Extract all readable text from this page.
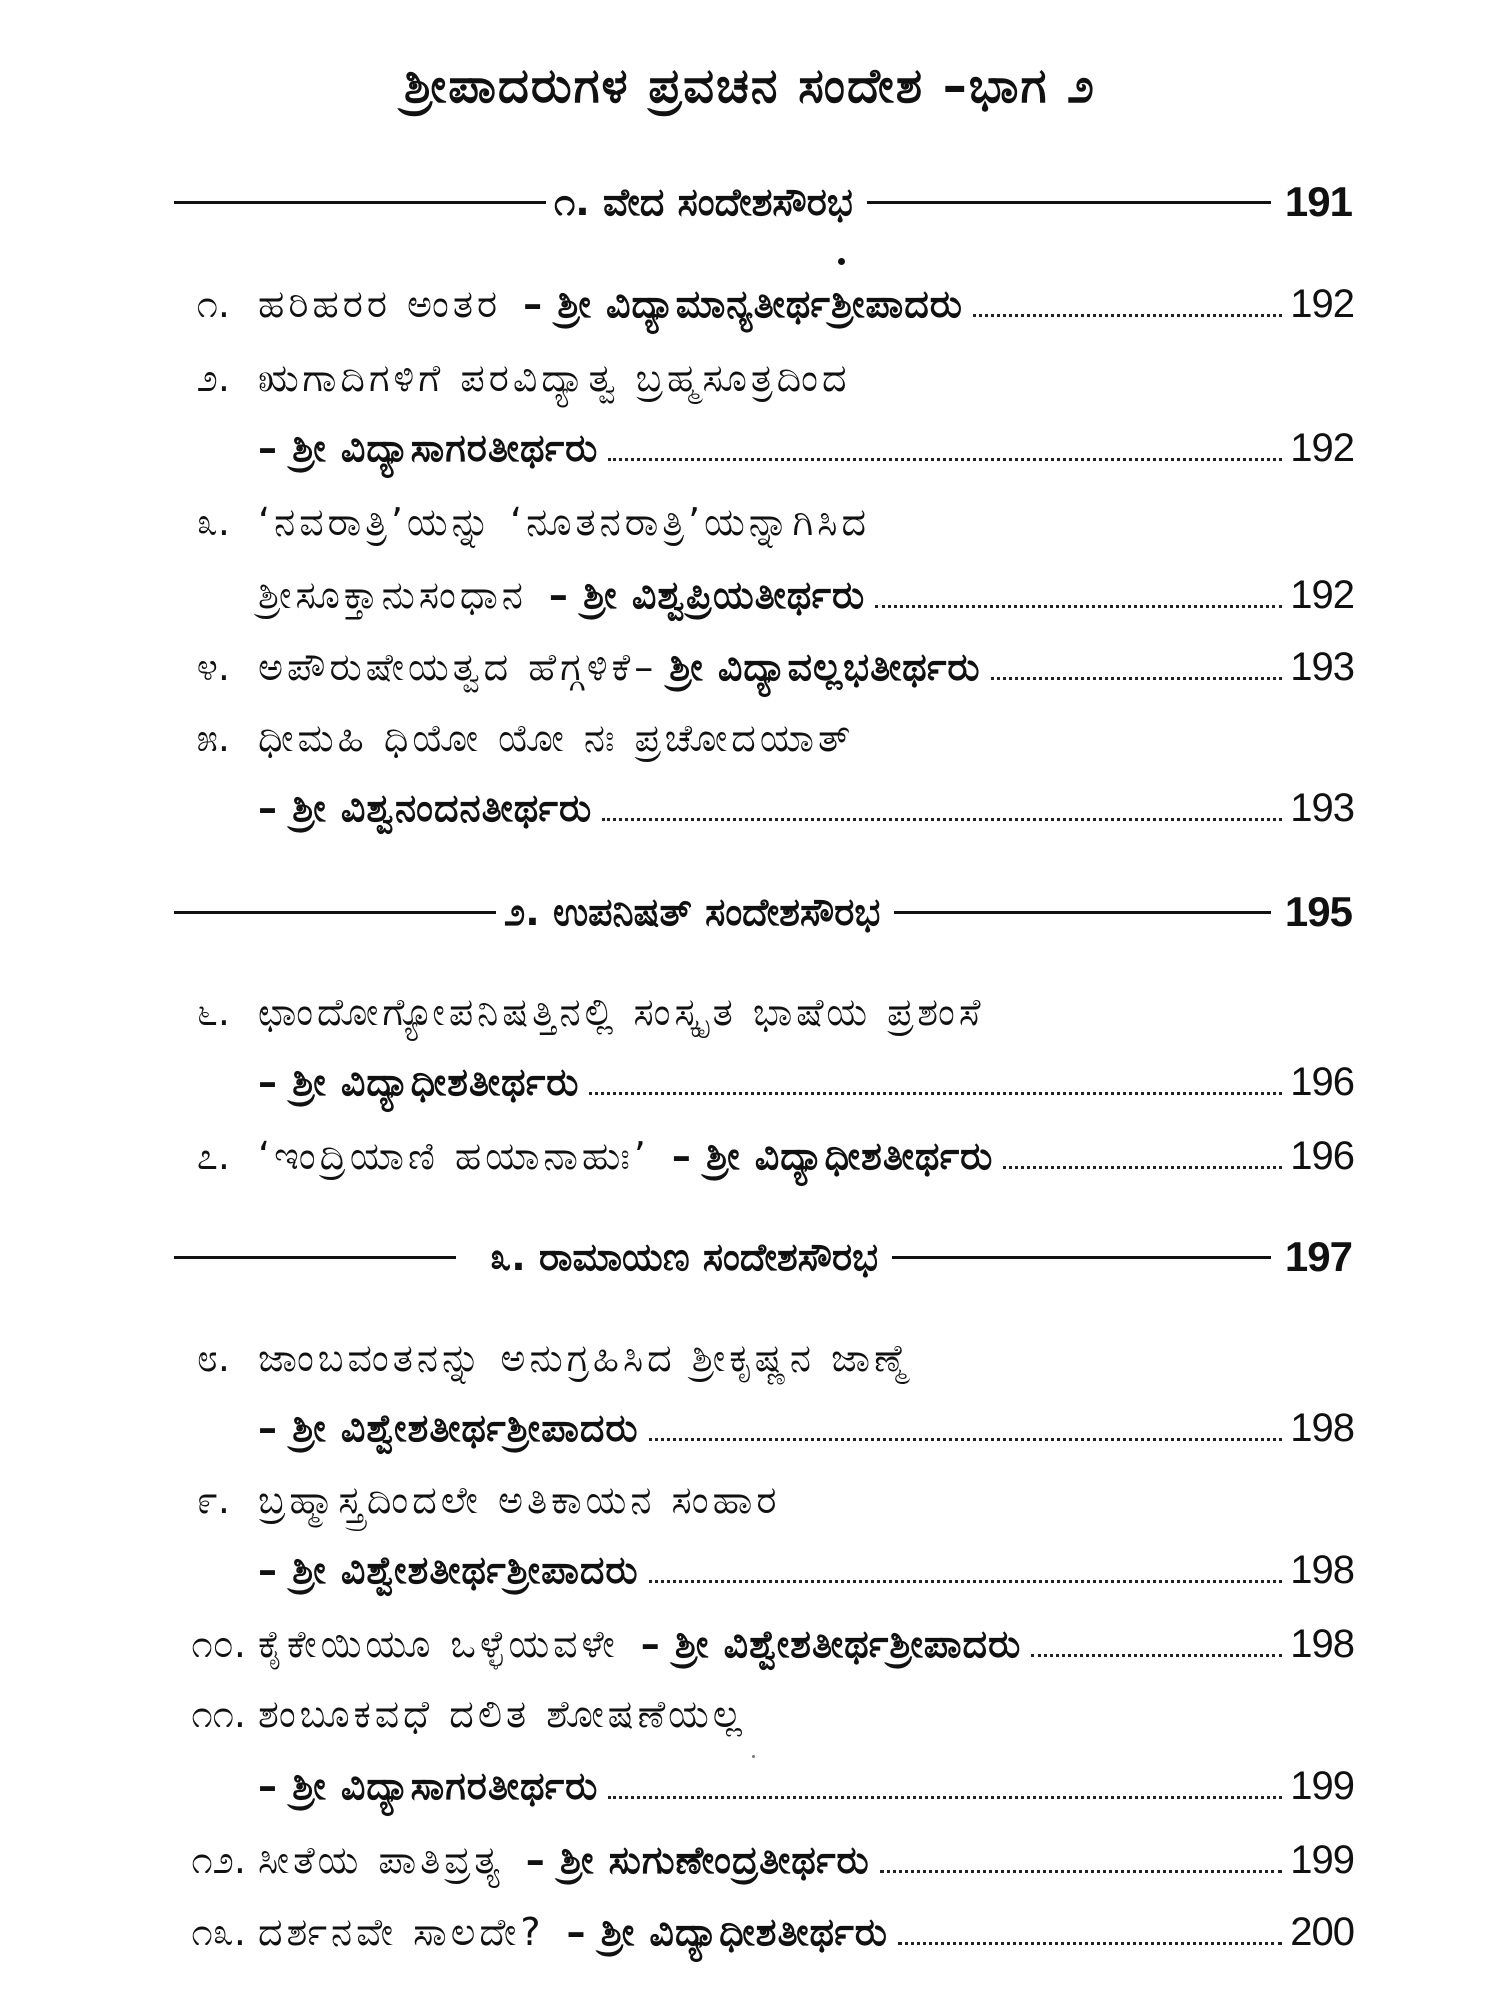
ಶ್ರೀಪಾದರುಗಳ ಪ್ರವಚನ ಸಂದೇಶ –ಭಾಗ ೨
೧. ವೇದ ಸಂದೇಶಸೌರಭ	191
೧. ಹರಿಹರರ ಅಂತರ – ಶ್ರೀ ವಿದ್ಯಾಮಾನ್ಯತೀರ್ಥಶ್ರೀಪಾದರು	192
೨. ಋಗಾದಿಗಳಿಗೆ ಪರವಿದ್ಯಾತ್ವ ಬ್ರಹ್ಮಸೂತ್ರದಿಂದ
– ಶ್ರೀ ವಿದ್ಯಾಸಾಗರತೀರ್ಥರು	192
೩. ‘ನವರಾತ್ರಿ’ಯನ್ನು ‘ನೂತನರಾತ್ರಿ’ಯನ್ನಾಗಿಸಿದ
ಶ್ರೀಸೂಕ್ತಾನುಸಂಧಾನ – ಶ್ರೀ ವಿಶ್ವಪ್ರಿಯತೀರ್ಥರು	192
೪. ಅಪೌರುಷೇಯತ್ವದ ಹೆಗ್ಗಳಿಕೆ– ಶ್ರೀ ವಿದ್ಯಾವಲ್ಲಭತೀರ್ಥರು	193
೫. ಧೀಮಹಿ ಧಿಯೋ ಯೋ ನಃ ಪ್ರಚೋದಯಾತ್
– ಶ್ರೀ ವಿಶ್ವನಂದನತೀರ್ಥರು	193
೨. ಉಪನಿಷತ್ ಸಂದೇಶಸೌರಭ	195
೬. ಛಾಂದೋಗ್ಯೋಪನಿಷತ್ತಿನಲ್ಲಿ ಸಂಸ್ಕೃತ ಭಾಷೆಯ ಪ್ರಶಂಸೆ
– ಶ್ರೀ ವಿದ್ಯಾಧೀಶತೀರ್ಥರು	196
೭. ‘ಇಂದ್ರಿಯಾಣಿ ಹಯಾನಾಹುಃ’ – ಶ್ರೀ ವಿದ್ಯಾಧೀಶತೀರ್ಥರು	196
೩. ರಾಮಾಯಣ ಸಂದೇಶಸೌರಭ	197
೮. ಜಾಂಬವಂತನನ್ನು ಅನುಗ್ರಹಿಸಿದ ಶ್ರೀಕೃಷ್ಣನ ಜಾಣ್ಮೆ
– ಶ್ರೀ ವಿಶ್ವೇಶತೀರ್ಥಶ್ರೀಪಾದರು	198
೯. ಬ್ರಹ್ಮಾಸ್ತ್ರದಿಂದಲೇ ಅತಿಕಾಯನ ಸಂಹಾರ
– ಶ್ರೀ ವಿಶ್ವೇಶತೀರ್ಥಶ್ರೀಪಾದರು	198
೧೦. ಕೈಕೇಯಿಯೂ ಒಳ್ಳೆಯವಳೇ – ಶ್ರೀ ವಿಶ್ವೇಶತೀರ್ಥಶ್ರೀಪಾದರು	198
೧೧. ಶಂಬೂಕವಧೆ ದಲಿತ ಶೋಷಣೆಯಲ್ಲ
– ಶ್ರೀ ವಿದ್ಯಾಸಾಗರತೀರ್ಥರು	199
೧೨. ಸೀತೆಯ ಪಾತಿವ್ರತ್ಯ – ಶ್ರೀ ಸುಗುಣೇಂದ್ರತೀರ್ಥರು	199
೧೩. ದರ್ಶನವೇ ಸಾಲದೇ? – ಶ್ರೀ ವಿದ್ಯಾಧೀಶತೀರ್ಥರು	200
